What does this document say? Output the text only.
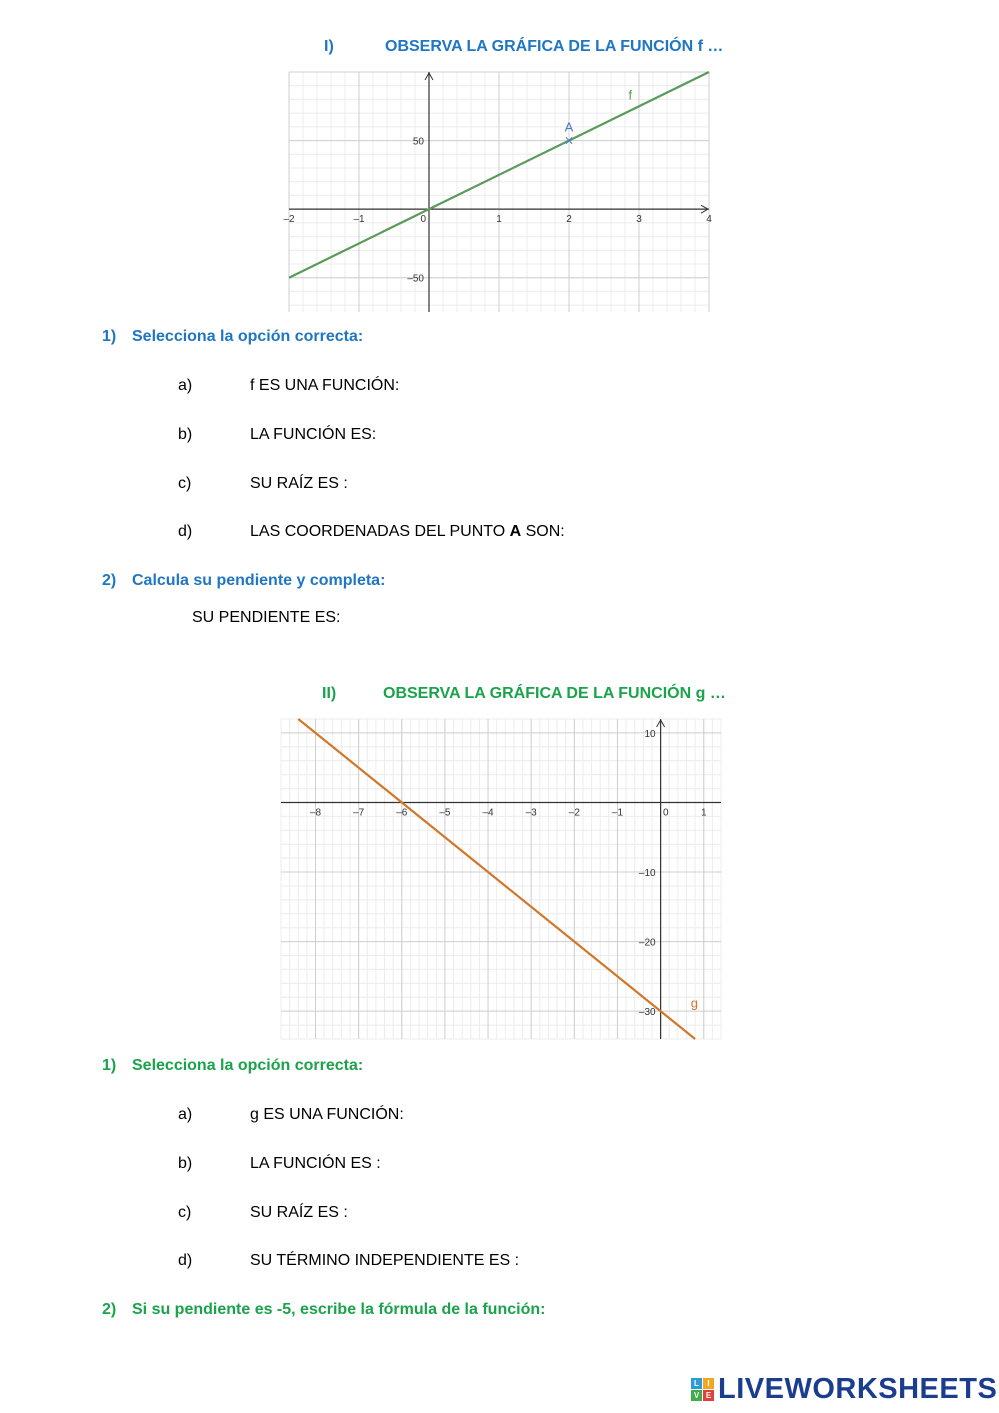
I)	OBSERVA LA GRÁFICA DE LA FUNCIÓN f …
–2	–1	0	1	2	3	4
50
–50
f
×
A
1) Selecciona la opción correcta:
a)	f ES UNA FUNCIÓN:
b)	LA FUNCIÓN ES:
c)	SU RAÍZ ES :
d)	LAS COORDENADAS DEL PUNTO A SON:
2) Calcula su pendiente y completa:
SU PENDIENTE ES:
II)	OBSERVA LA GRÁFICA DE LA FUNCIÓN g …
–8	–7	–6	–5	–4	–3	–2	–1	0	1
10
–10
–20
–30
g
1) Selecciona la opción correcta:
a)	g ES UNA FUNCIÓN:
b)	LA FUNCIÓN ES :
c)	SU RAÍZ ES :
d)	SU TÉRMINO INDEPENDIENTE ES :
2) Si su pendiente es -5, escribe la fórmula de la función:
L	I
V E LIVEWORKSHEETS
